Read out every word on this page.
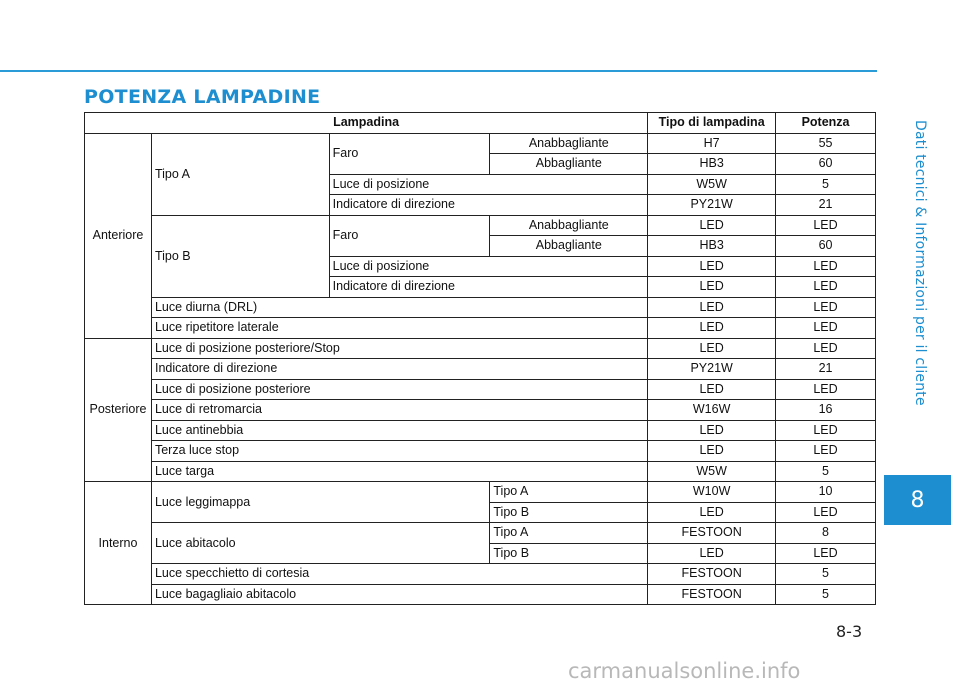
POTENZA LAMPADINE
Dati tecnici & Informazioni per il cliente
8
Lampadina				Tipo di lampadina	Potenza
Anteriore	Tipo A	Faro	Anabbagliante	H7	55
			Abbagliante	HB3	60
		Luce di posizione		W5W	5
		Indicatore di direzione		PY21W	21
	Tipo B	Faro	Anabbagliante	LED	LED
			Abbagliante	HB3	60
		Luce di posizione		LED	LED
		Indicatore di direzione		LED	LED
	Luce diurna (DRL)			LED	LED
	Luce ripetitore laterale			LED	LED
Posteriore	Luce di posizione posteriore/Stop			LED	LED
	Indicatore di direzione			PY21W	21
	Luce di posizione posteriore			LED	LED
	Luce di retromarcia			W16W	16
	Luce antinebbia			LED	LED
	Terza luce stop			LED	LED
	Luce targa			W5W	5
Interno	Luce leggimappa		Tipo A	W10W	10
			Tipo B	LED	LED
	Luce abitacolo		Tipo A	FESTOON	8
			Tipo B	LED	LED
	Luce specchietto di cortesia			FESTOON	5
	Luce bagagliaio abitacolo			FESTOON	5
8-3
carmanualsonline.info
